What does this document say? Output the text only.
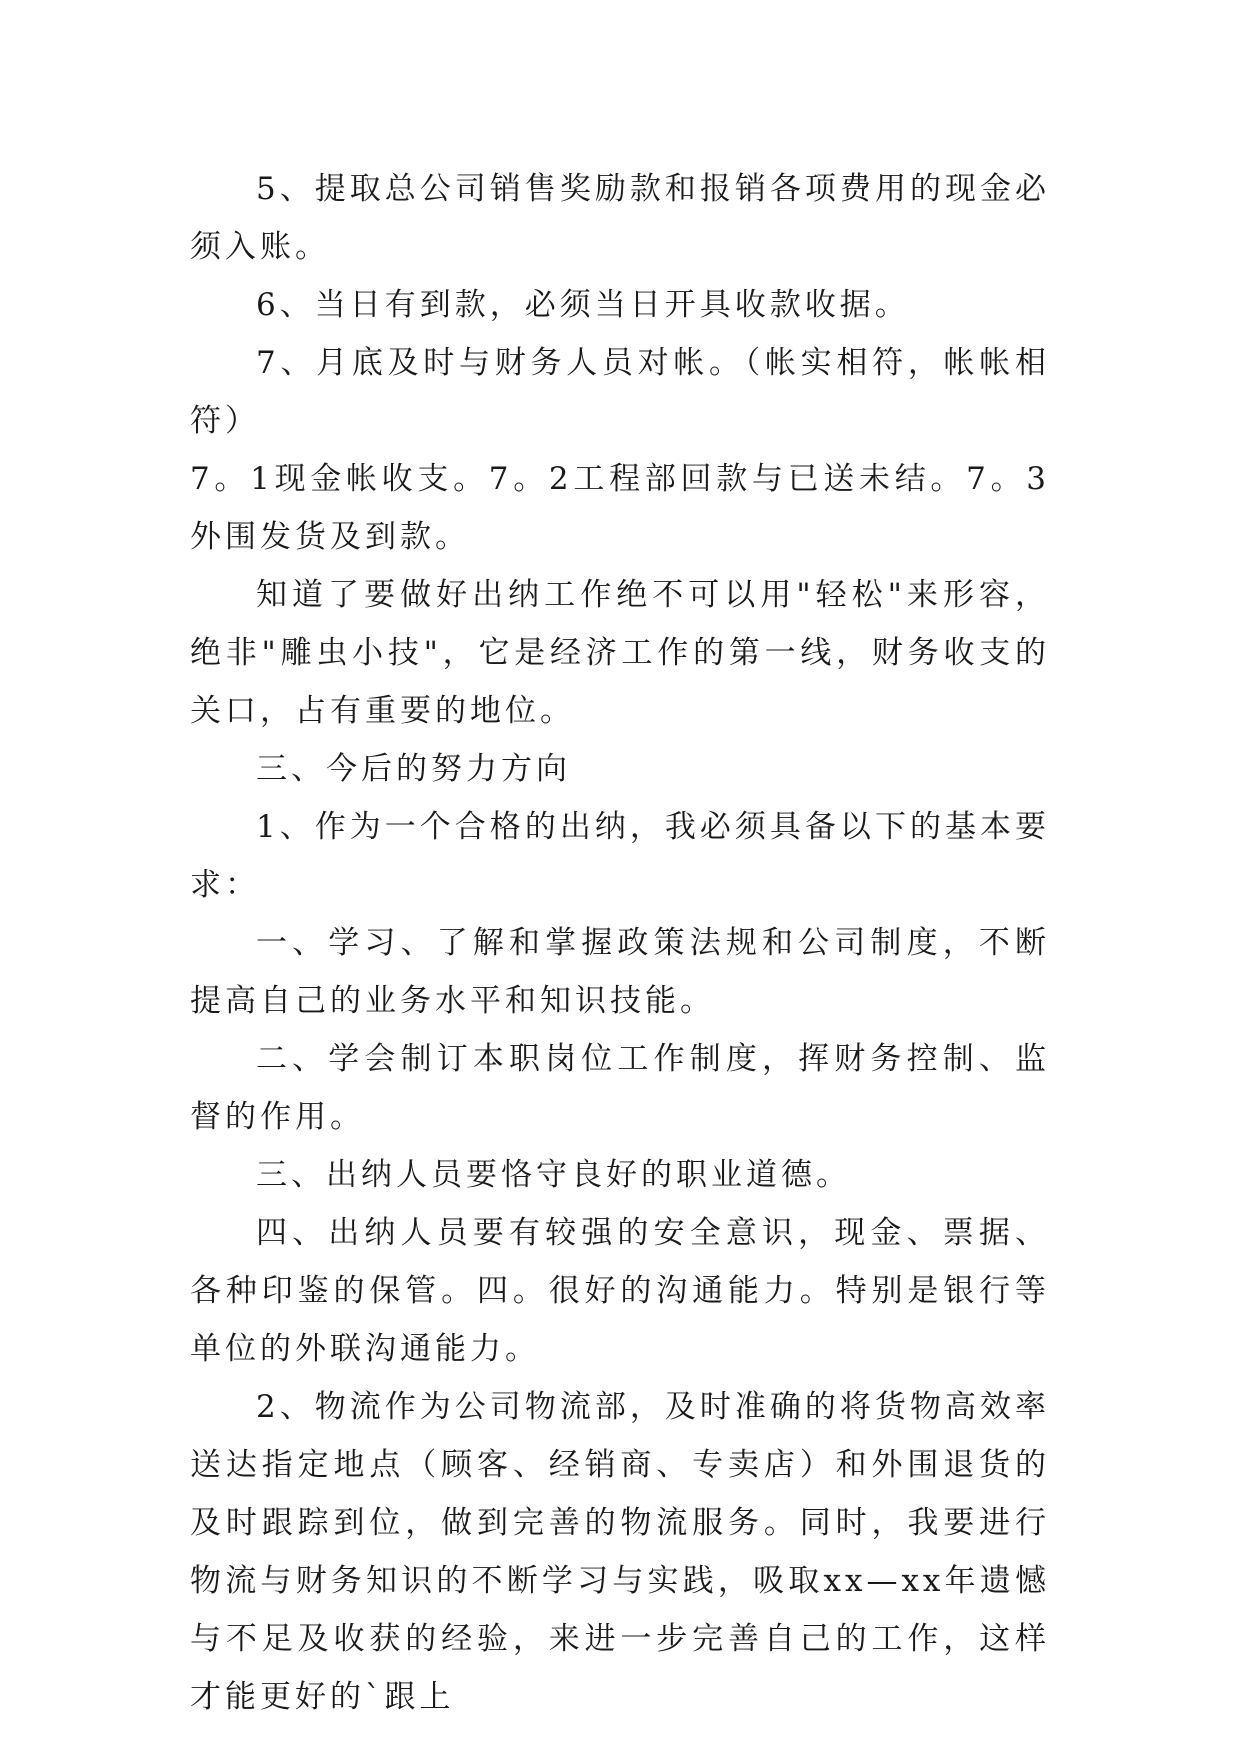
5、提取总公司销售奖励款和报销各项费用的现金必须入账。

6、当日有到款，必须当日开具收款收据。

7、月底及时与财务人员对帐。（帐实相符，帐帐相符）

7。1现金帐收支。7。2工程部回款与已送未结。7。3外围发货及到款。

知道了要做好出纳工作绝不可以用"轻松"来形容，绝非"雕虫小技"，它是经济工作的第一线，财务收支的关口，占有重要的地位。

三、今后的努力方向

1、作为一个合格的出纳，我必须具备以下的基本要求：

一、学习、了解和掌握政策法规和公司制度，不断提高自己的业务水平和知识技能。

二、学会制订本职岗位工作制度，挥财务控制、监督的作用。

三、出纳人员要恪守良好的职业道德。

四、出纳人员要有较强的安全意识，现金、票据、各种印鉴的保管。四。很好的沟通能力。特别是银行等单位的外联沟通能力。

2、物流作为公司物流部，及时准确的将货物高效率送达指定地点（顾客、经销商、专卖店）和外围退货的及时跟踪到位，做到完善的物流服务。同时，我要进行物流与财务知识的不断学习与实践，吸取xx—xx年遗憾与不足及收获的经验，来进一步完善自己的工作，这样才能更好的`跟上
